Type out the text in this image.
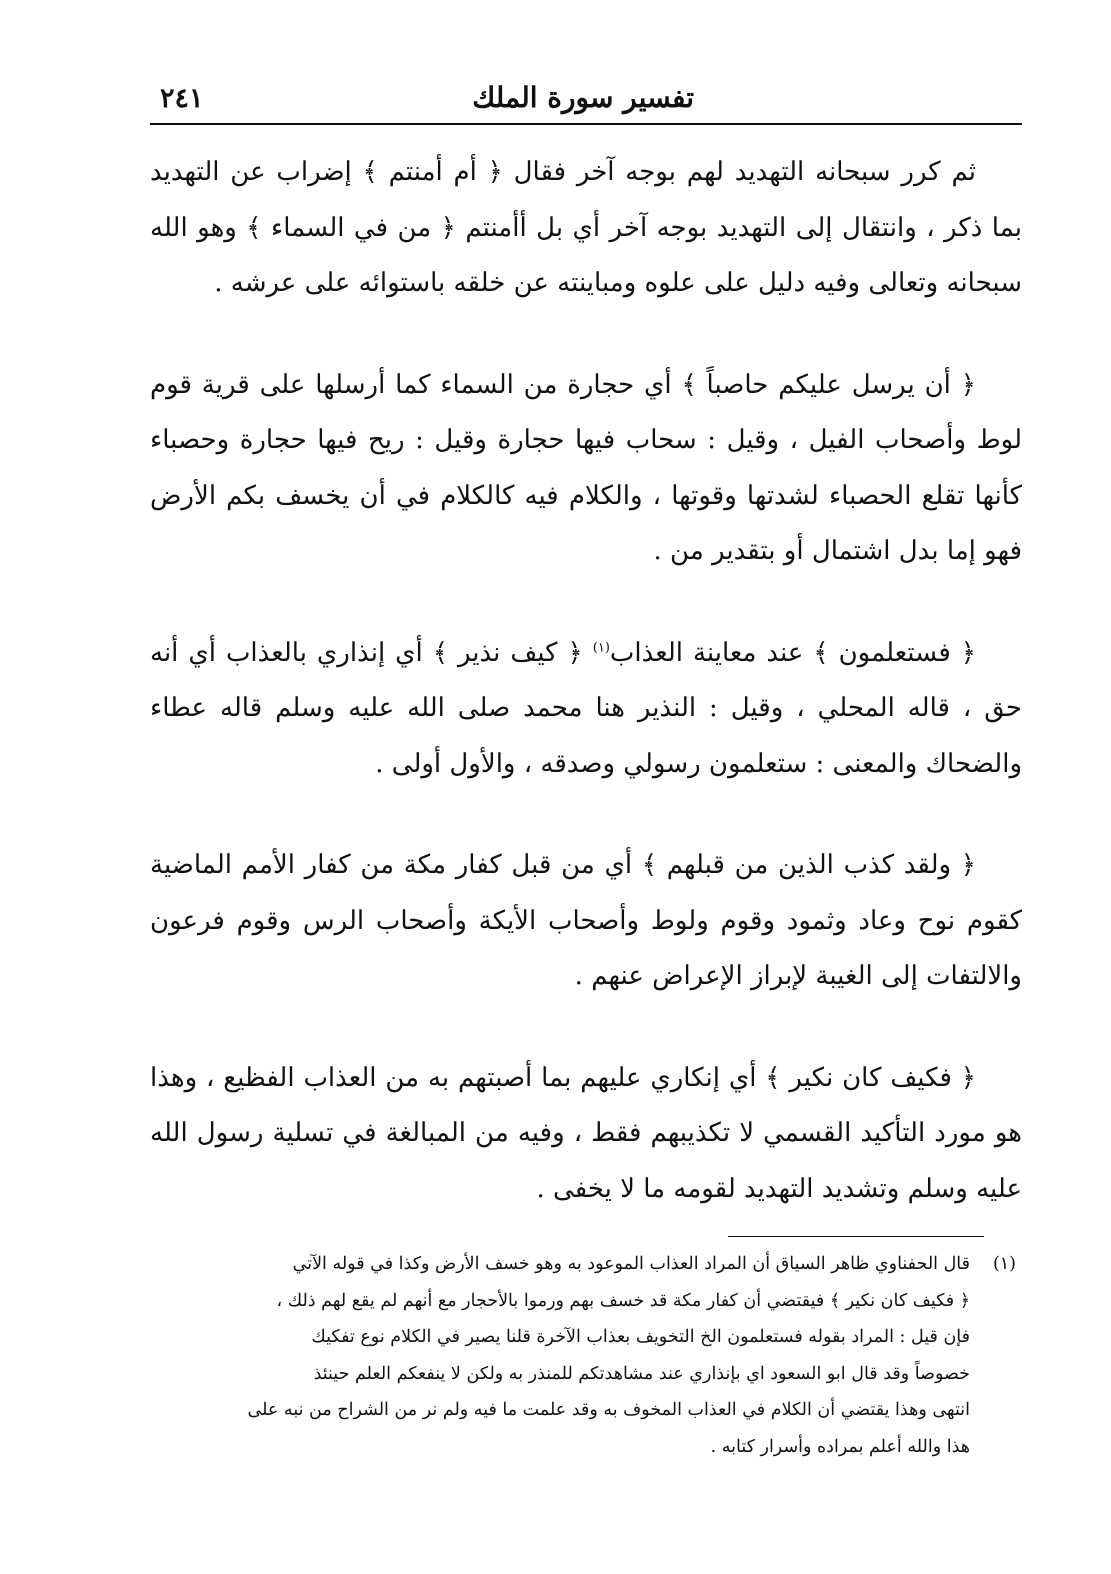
٢٤١	تفسير سورة الملك

ثم كرر سبحانه التهديد لهم بوجه آخر فقال ﴿ أم أمنتم ﴾ إضراب عن التهديد بما ذكر ، وانتقال إلى التهديد بوجه آخر أي بل أأمنتم ﴿ من في السماء ﴾ وهو الله سبحانه وتعالى وفيه دليل على علوه ومباينته عن خلقه باستوائه على عرشه .

﴿ أن يرسل عليكم حاصباً ﴾ أي حجارة من السماء كما أرسلها على قرية قوم لوط وأصحاب الفيل ، وقيل : سحاب فيها حجارة وقيل : ريح فيها حجارة وحصباء كأنها تقلع الحصباء لشدتها وقوتها ، والكلام فيه كالكلام في أن يخسف بكم الأرض فهو إما بدل اشتمال أو بتقدير من .

﴿ فستعلمون ﴾ عند معاينة العذاب$^{(١)}$ ﴿ كيف نذير ﴾ أي إنذاري بالعذاب أي أنه حق ، قاله المحلي ، وقيل : النذير هنا محمد صلى الله عليه وسلم قاله عطاء والضحاك والمعنى : ستعلمون رسولي وصدقه ، والأول أولى .

﴿ ولقد كذب الذين من قبلهم ﴾ أي من قبل كفار مكة من كفار الأمم الماضية كقوم نوح وعاد وثمود وقوم ولوط وأصحاب الأيكة وأصحاب الرس وقوم فرعون والالتفات إلى الغيبة لإبراز الإعراض عنهم .

﴿ فكيف كان نكير ﴾ أي إنكاري عليهم بما أصبتهم به من العذاب الفظيع ، وهذا هو مورد التأكيد القسمي لا تكذيبهم فقط ، وفيه من المبالغة في تسلية رسول الله عليه وسلم وتشديد التهديد لقومه ما لا يخفى .

(١)قال الحفناوي ظاهر السياق أن المراد العذاب الموعود به وهو خسف الأرض وكذا في قوله الآتي
﴿ فكيف كان نكير ﴾ فيقتضي أن كفار مكة قد خسف بهم ورموا بالأحجار مع أنهم لم يقع لهم ذلك ،
فإن قيل : المراد بقوله فستعلمون الخ التخويف بعذاب الآخرة قلنا يصير في الكلام نوع تفكيك
خصوصاً وقد قال ابو السعود اي بإنذاري عند مشاهدتكم للمنذر به ولكن لا ينفعكم العلم حينئذ
انتهى وهذا يقتضي أن الكلام في العذاب المخوف به وقد علمت ما فيه ولم نر من الشراح من نبه على
هذا والله أعلم بمراده وأسرار كتابه .
